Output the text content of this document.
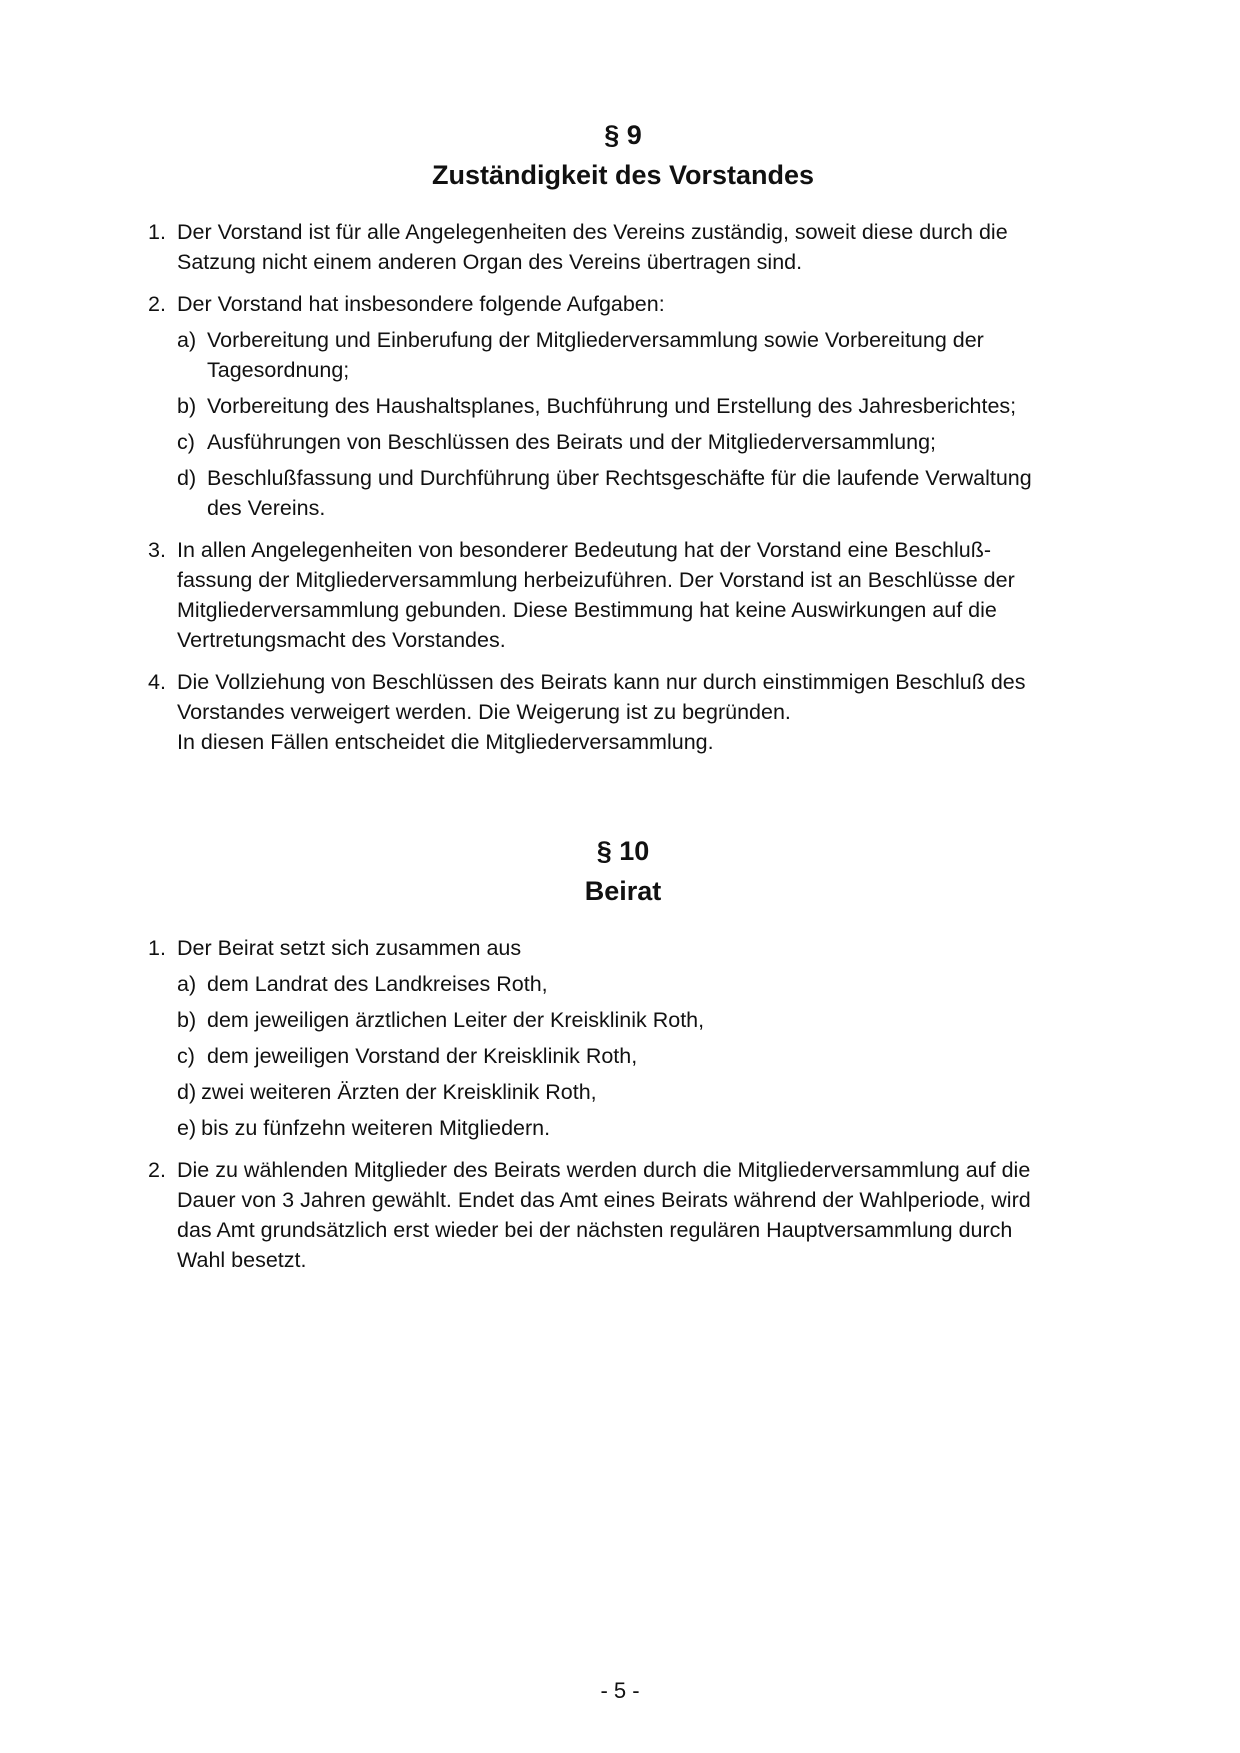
§ 9

Zuständigkeit des Vorstandes

1. Der Vorstand ist für alle Angelegenheiten des Vereins zuständig, soweit diese durch die
Satzung nicht einem anderen Organ des Vereins übertragen sind.
2. Der Vorstand hat insbesondere folgende Aufgaben:
a) Vorbereitung und Einberufung der Mitgliederversammlung sowie Vorbereitung der
Tagesordnung;
b) Vorbereitung des Haushaltsplanes, Buchführung und Erstellung des Jahresberichtes;
c) Ausführungen von Beschlüssen des Beirats und der Mitgliederversammlung;
d) Beschlußfassung und Durchführung über Rechtsgeschäfte für die laufende Verwaltung
des Vereins.
3. In allen Angelegenheiten von besonderer Bedeutung hat der Vorstand eine Beschluß-
fassung der Mitgliederversammlung herbeizuführen. Der Vorstand ist an Beschlüsse der
Mitgliederversammlung gebunden. Diese Bestimmung hat keine Auswirkungen auf die
Vertretungsmacht des Vorstandes.
4. Die Vollziehung von Beschlüssen des Beirats kann nur durch einstimmigen Beschluß des
Vorstandes verweigert werden. Die Weigerung ist zu begründen.
In diesen Fällen entscheidet die Mitgliederversammlung.

§ 10

Beirat

1. Der Beirat setzt sich zusammen aus
a) dem Landrat des Landkreises Roth,
b) dem jeweiligen ärztlichen Leiter der Kreisklinik Roth,
c) dem jeweiligen Vorstand der Kreisklinik Roth,
d) zwei weiteren Ärzten der Kreisklinik Roth,
e) bis zu fünfzehn weiteren Mitgliedern.
2. Die zu wählenden Mitglieder des Beirats werden durch die Mitgliederversammlung auf die
Dauer von 3 Jahren gewählt. Endet das Amt eines Beirats während der Wahlperiode, wird
das Amt grundsätzlich erst wieder bei der nächsten regulären Hauptversammlung durch
Wahl besetzt.
- 5 -
